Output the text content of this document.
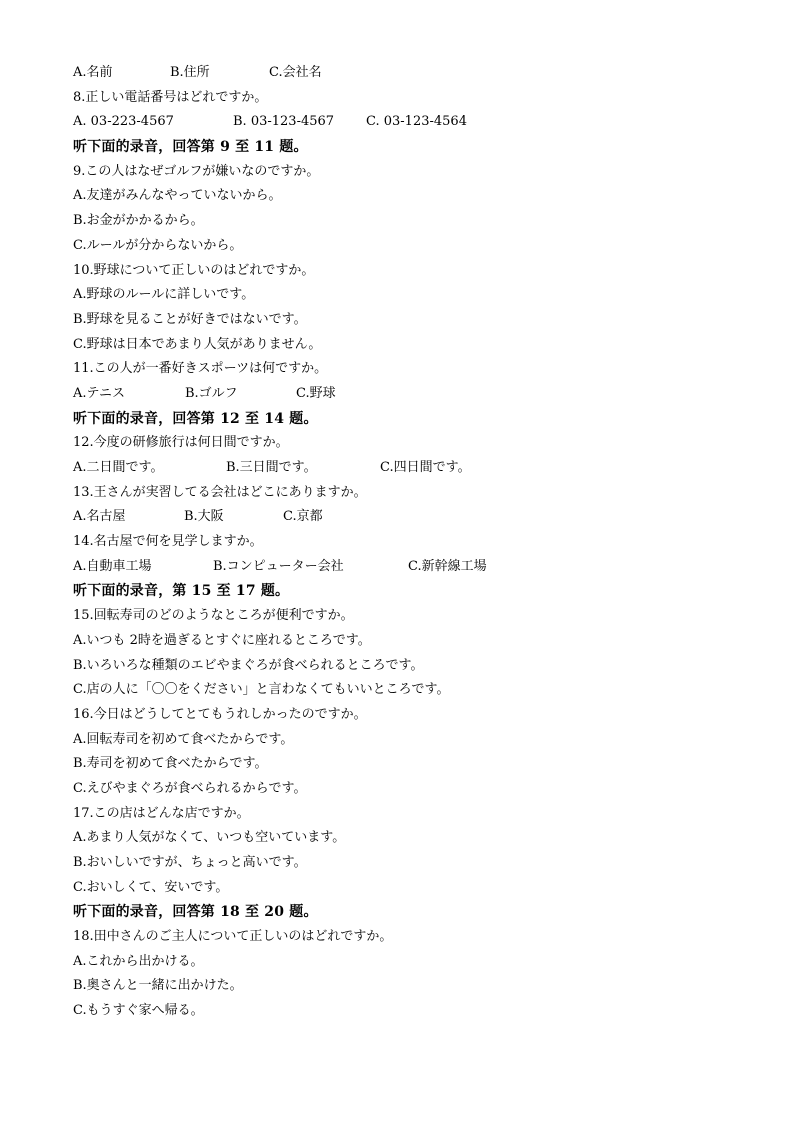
A.名前	B.住所	C.会社名
8.正しい電話番号はどれですか。
A. 03-223-4567	B. 03-123-4567 C. 03-123-4564
听下面的录音，回答第 9 至 11 题。
9.この人はなぜゴルフが嫌いなのですか。
A.友達がみんなやっていないから。
B.お金がかかるから。
C.ルールが分からないから。
10.野球について正しいのはどれですか。
A.野球のルールに詳しいです。
B.野球を見ることが好きではないです。
C.野球は日本であまり人気がありません。
11.この人が一番好きスポーツは何ですか。
A.テニス	B.ゴルフ	C.野球
听下面的录音，回答第 12 至 14 题。
12.今度の研修旅行は何日間ですか。
A.二日間です。	B.三日間です。	C.四日間です。
13.王さんが実習してる会社はどこにありますか。
A.名古屋	B.大阪	C.京都
14.名古屋で何を見学しますか。
A.自動車工場	B.コンピューター会社	C.新幹線工場
听下面的录音，第 15 至 17 题。
15.回転寿司のどのようなところが便利ですか。
A.いつも 2時を過ぎるとすぐに座れるところです。
B.いろいろな種類のエビやまぐろが食べられるところです。
C.店の人に「〇〇をください」と言わなくてもいいところです。
16.今日はどうしてとてもうれしかったのですか。
A.回転寿司を初めて食べたからです。
B.寿司を初めて食べたからです。
C.えびやまぐろが食べられるからです。
17.この店はどんな店ですか。
A.あまり人気がなくて、いつも空いています。
B.おいしいですが、ちょっと高いです。
C.おいしくて、安いです。
听下面的录音，回答第 18 至 20 题。
18.田中さんのご主人について正しいのはどれですか。
A.これから出かける。
B.奥さんと一緒に出かけた。
C.もうすぐ家へ帰る。
